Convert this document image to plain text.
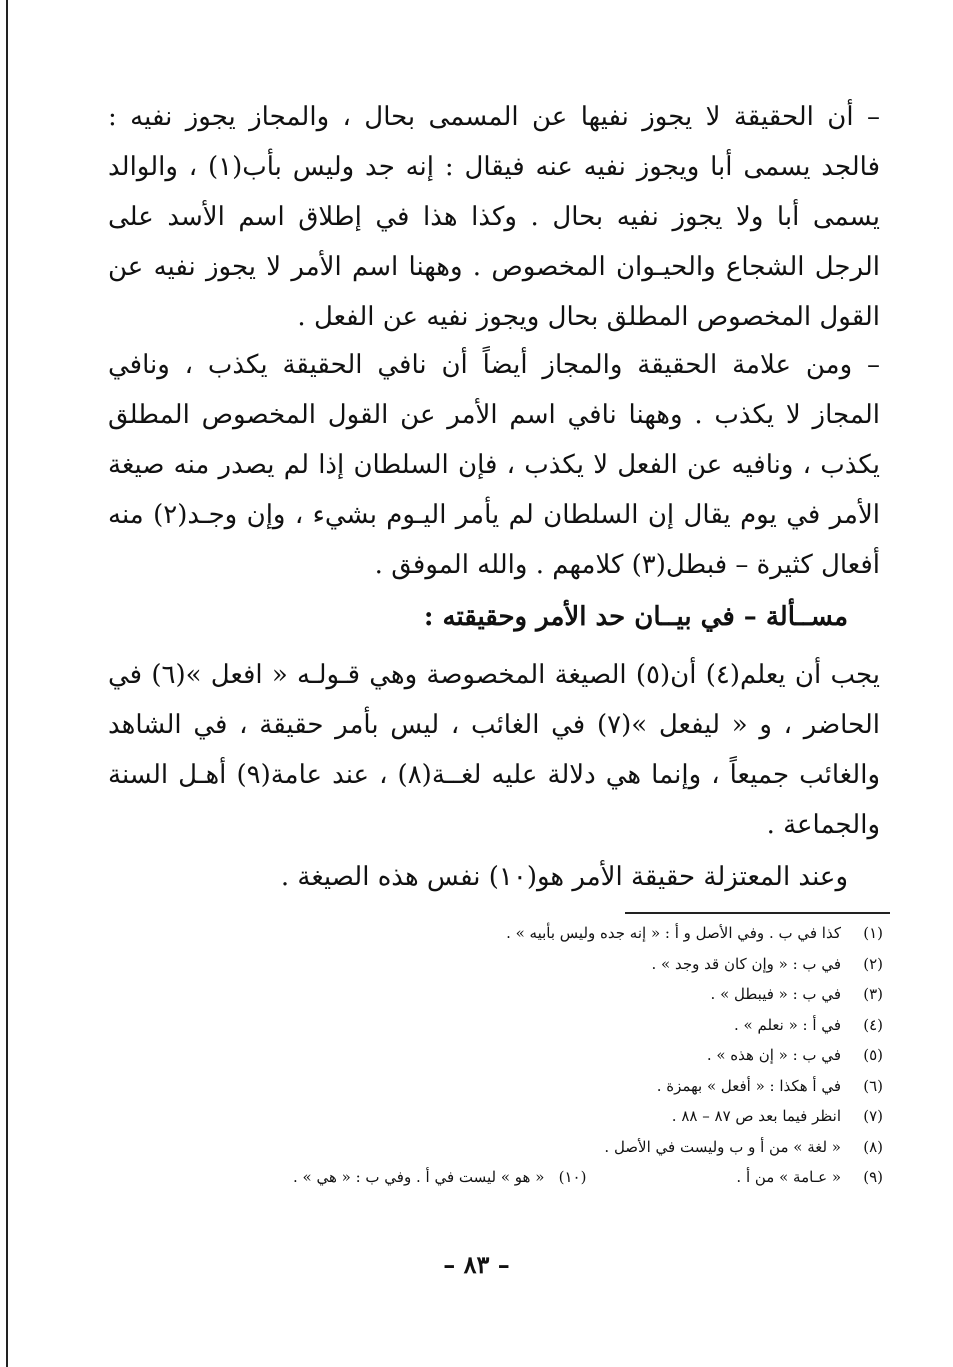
– أن الحقيقة لا يجوز نفيها عن المسمى بحال ، والمجاز يجوز نفيه : فالجد يسمى أبا ويجوز نفيه عنه فيقال : إنه جد وليس بأب(١) ، والوالد يسمى أبا ولا يجوز نفيه بحال . وكذا هذا في إطلاق اسم الأسد على الرجل الشجاع والحيـوان المخصوص . وههنا اسم الأمر لا يجوز نفيه عن القول المخصوص المطلق بحال ويجوز نفيه عن الفعل .

– ومن علامة الحقيقة والمجاز أيضاً أن نافي الحقيقة يكذب ، ونافي المجاز لا يكذب . وههنا نافي اسم الأمر عن القول المخصوص المطلق يكذب ، ونافيه عن الفعل لا يكذب ، فإن السلطان إذا لم يصدر منه صيغة الأمر في يوم يقال إن السلطان لم يأمر اليـوم بشيء ، وإن وجـد(٢) منه أفعال كثيرة – فبطل(٣) كلامهم . والله الموفق .

مســألة – في بيــان حد الأمر وحقيقته :

يجب أن يعلم(٤) أن(٥) الصيغة المخصوصة وهي قـولـه « افعل »(٦) في الحاضر ، و « ليفعل »(٧) في الغائب ، ليس بأمر حقيقة ، في الشاهد والغائب جميعاً ، وإنما هي دلالة عليه لغــة(٨) ، عند عامة(٩) أهـل السنة والجماعة .

وعند المعتزلة حقيقة الأمر هو(١٠) نفس هذه الصيغة .

(١)
كذا في ب . وفي الأصل و أ : « إنه جده وليس بأبيه » .
(٢)
في ب : « وإن كان قد وجد » .
(٣)
في ب : « فيبطل » .
(٤)
في أ : « نعلم » .
(٥)
في ب : « إن هذه » .
(٦)
في أ هكذا : « أفعل » بهمزة .
(٧)
انظر فيما بعد ص ٨٧ – ٨٨ .
(٨)
« لغة » من أ و ب وليست في الأصل .
(٩)
« عـامة » من أ .
(١٠)
« هو » ليست في أ . وفي ب : « هي » .
– ٨٣ –
